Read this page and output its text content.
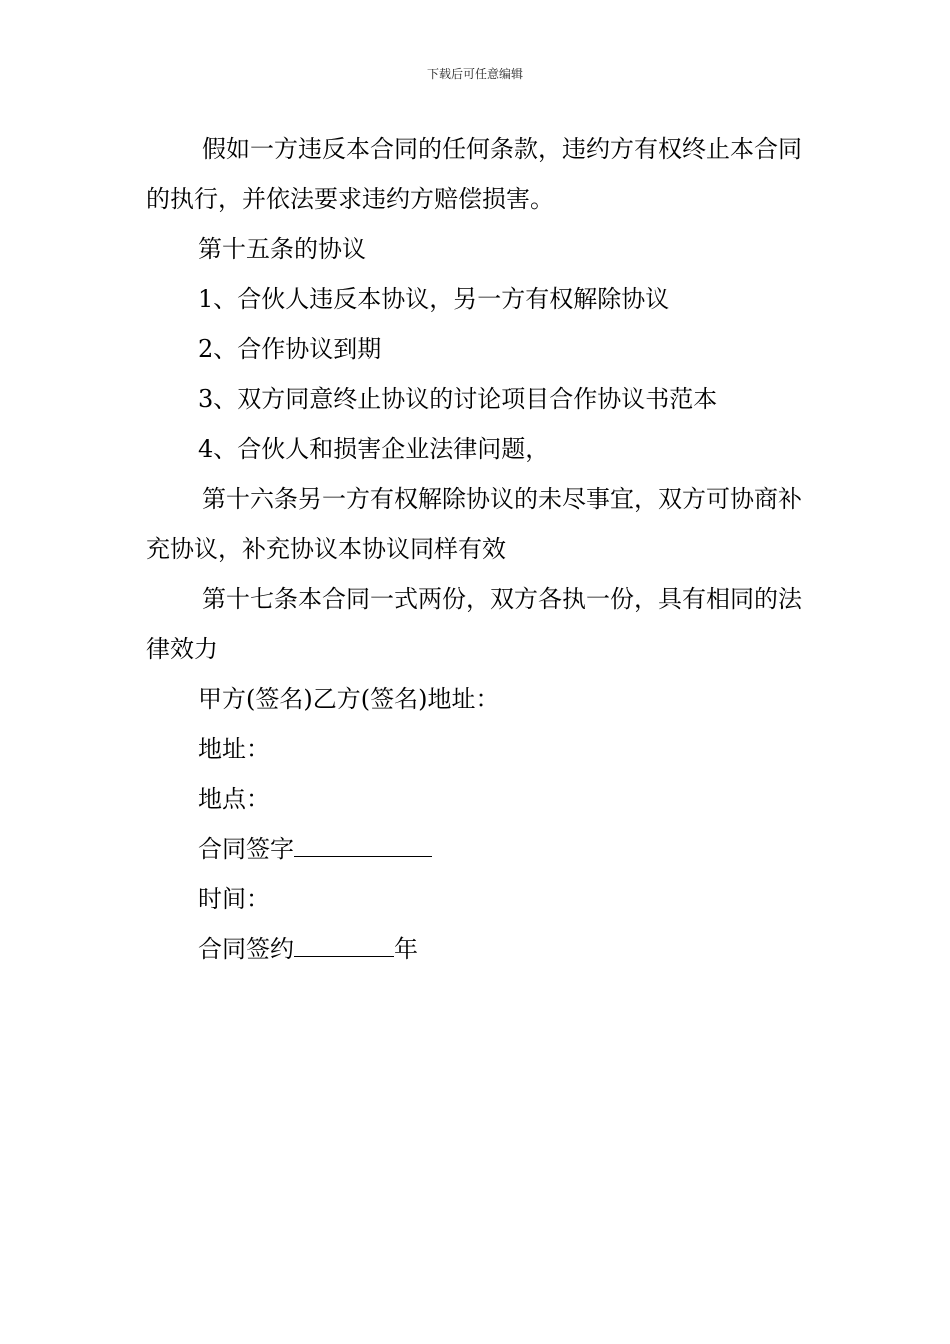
下载后可任意编辑

假如一方违反本合同的任何条款，违约方有权终止本合同的执行，并依法要求违约方赔偿损害。

第十五条的协议

1、合伙人违反本协议，另一方有权解除协议

2、合作协议到期

3、双方同意终止协议的讨论项目合作协议书范本

4、合伙人和损害企业法律问题，

第十六条另一方有权解除协议的未尽事宜，双方可协商补充协议，补充协议本协议同样有效

第十七条本合同一式两份，双方各执一份，具有相同的法律效力

甲方(签名)乙方(签名)地址：

地址：

地点：

合同签字

时间：

合同签约	年
